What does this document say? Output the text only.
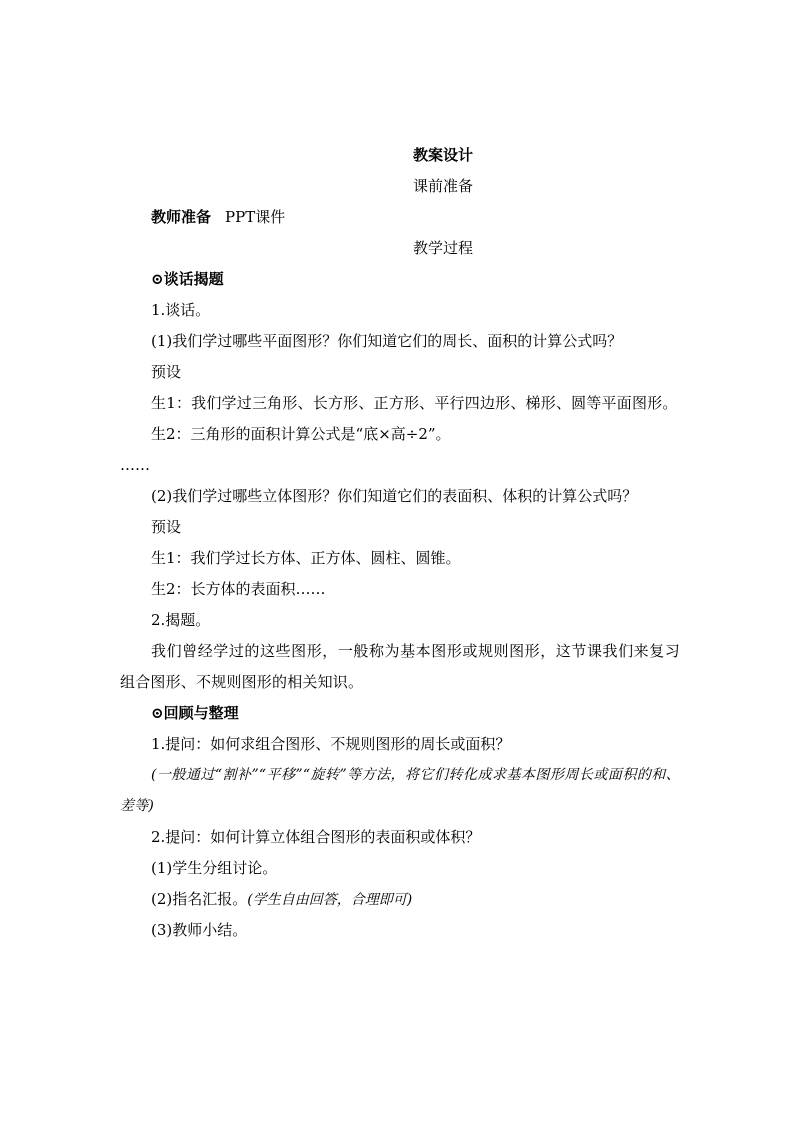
教案设计
课前准备
教师准备 PPT课件
教学过程
⊙谈话揭题
1.谈话。
(1)我们学过哪些平面图形？你们知道它们的周长、面积的计算公式吗？
预设
生1：我们学过三角形、长方形、正方形、平行四边形、梯形、圆等平面图形。
生2：三角形的面积计算公式是“底×高÷2”。
……
(2)我们学过哪些立体图形？你们知道它们的表面积、体积的计算公式吗？
预设
生1：我们学过长方体、正方体、圆柱、圆锥。
生2：长方体的表面积……
2.揭题。
我们曾经学过的这些图形，一般称为基本图形或规则图形，这节课我们来复习组合图形、不规则图形的相关知识。
⊙回顾与整理
1.提问：如何求组合图形、不规则图形的周长或面积？
(一般通过“割补”“平移”“旋转”等方法，将它们转化成求基本图形周长或面积的和、差等)
2.提问：如何计算立体组合图形的表面积或体积？
(1)学生分组讨论。
(2)指名汇报。(学生自由回答，合理即可)
(3)教师小结。
